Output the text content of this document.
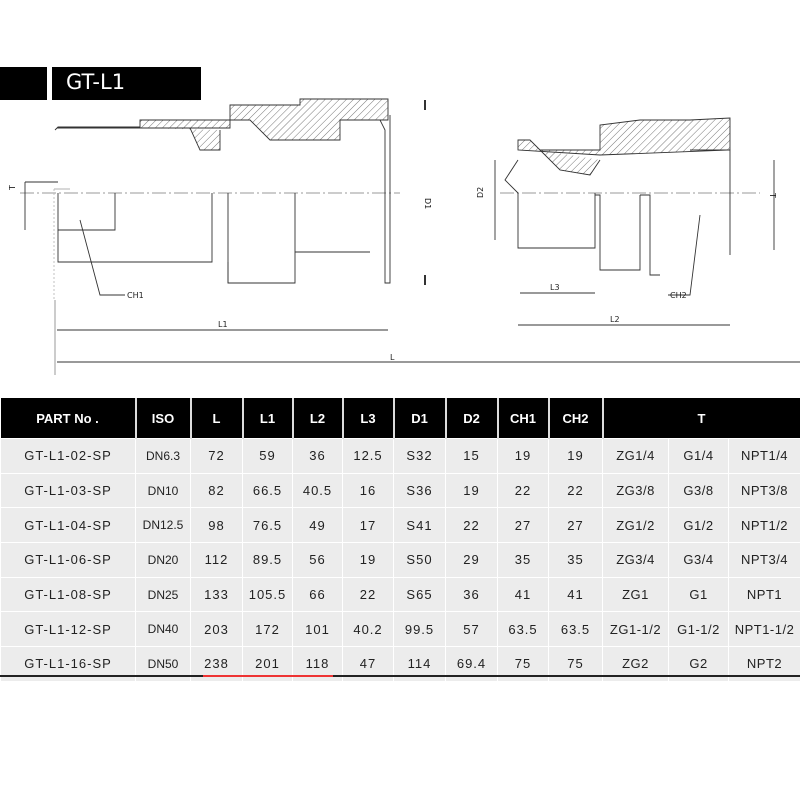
GT-L1
T
D1
CH1
L1
L
D2	T
L3
CH2
L2
PART No .	ISO	L	L1	L2	L3	D1	D2	CH1	CH2	T		
GT-L1-02-SP	DN6.3	72	59	36	12.5	S32	15	19	19	ZG1/4	G1/4	NPT1/4
GT-L1-03-SP	DN10	82	66.5	40.5	16	S36	19	22	22	ZG3/8	G3/8	NPT3/8
GT-L1-04-SP	DN12.5	98	76.5	49	17	S41	22	27	27	ZG1/2	G1/2	NPT1/2
GT-L1-06-SP	DN20	112	89.5	56	19	S50	29	35	35	ZG3/4	G3/4	NPT3/4
GT-L1-08-SP	DN25	133	105.5	66	22	S65	36	41	41	ZG1	G1	NPT1
GT-L1-12-SP	DN40	203	172	101	40.2	99.5	57	63.5	63.5	ZG1-1/2	G1-1/2	NPT1-1/2
GT-L1-16-SP	DN50	238	201	118	47	114	69.4	75	75	ZG2	G2	NPT2
